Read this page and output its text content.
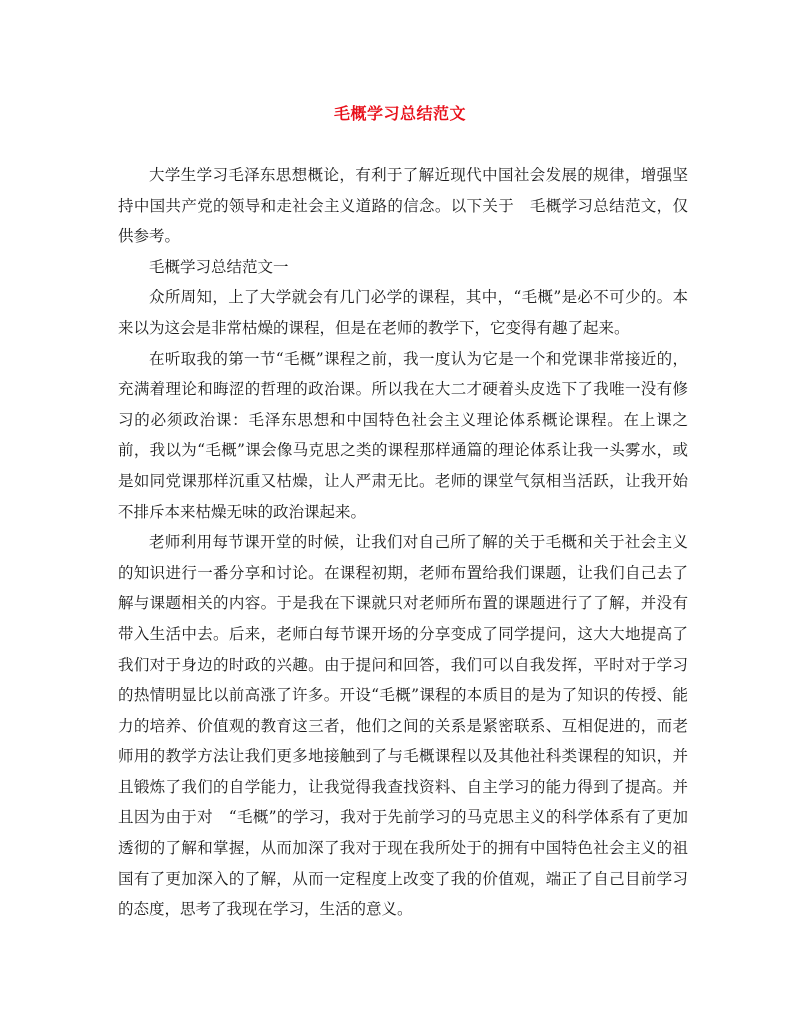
毛概学习总结范文

大学生学习毛泽东思想概论，有利于了解近现代中国社会发展的规律，增强坚持中国共产党的领导和走社会主义道路的信念。以下关于　毛概学习总结范文，仅供参考。

毛概学习总结范文一

众所周知，上了大学就会有几门必学的课程，其中，“毛概”是必不可少的。本来以为这会是非常枯燥的课程，但是在老师的教学下，它变得有趣了起来。

在听取我的第一节“毛概”课程之前，我一度认为它是一个和党课非常接近的，充满着理论和晦涩的哲理的政治课。所以我在大二才硬着头皮选下了我唯一没有修习的必须政治课：毛泽东思想和中国特色社会主义理论体系概论课程。在上课之前，我以为“毛概”课会像马克思之类的课程那样通篇的理论体系让我一头雾水，或是如同党课那样沉重又枯燥，让人严肃无比。老师的课堂气氛相当活跃，让我开始不排斥本来枯燥无味的政治课起来。

老师利用每节课开堂的时候，让我们对自己所了解的关于毛概和关于社会主义的知识进行一番分享和讨论。在课程初期，老师布置给我们课题，让我们自己去了解与课题相关的内容。于是我在下课就只对老师所布置的课题进行了了解，并没有带入生活中去。后来，老师白每节课开场的分享变成了同学提问，这大大地提高了我们对于身边的时政的兴趣。由于提问和回答，我们可以自我发挥，平时对于学习的热情明显比以前高涨了许多。开设“毛概”课程的本质目的是为了知识的传授、能力的培养、价值观的教育这三者，他们之间的关系是紧密联系、互相促进的，而老师用的教学方法让我们更多地接触到了与毛概课程以及其他社科类课程的知识，并且锻炼了我们的自学能力，让我觉得我查找资料、自主学习的能力得到了提高。并且因为由于对　“毛概”的学习，我对于先前学习的马克思主义的科学体系有了更加透彻的了解和掌握，从而加深了我对于现在我所处于的拥有中国特色社会主义的祖国有了更加深入的了解，从而一定程度上改变了我的价值观，端正了自己目前学习的态度，思考了我现在学习，生活的意义。
